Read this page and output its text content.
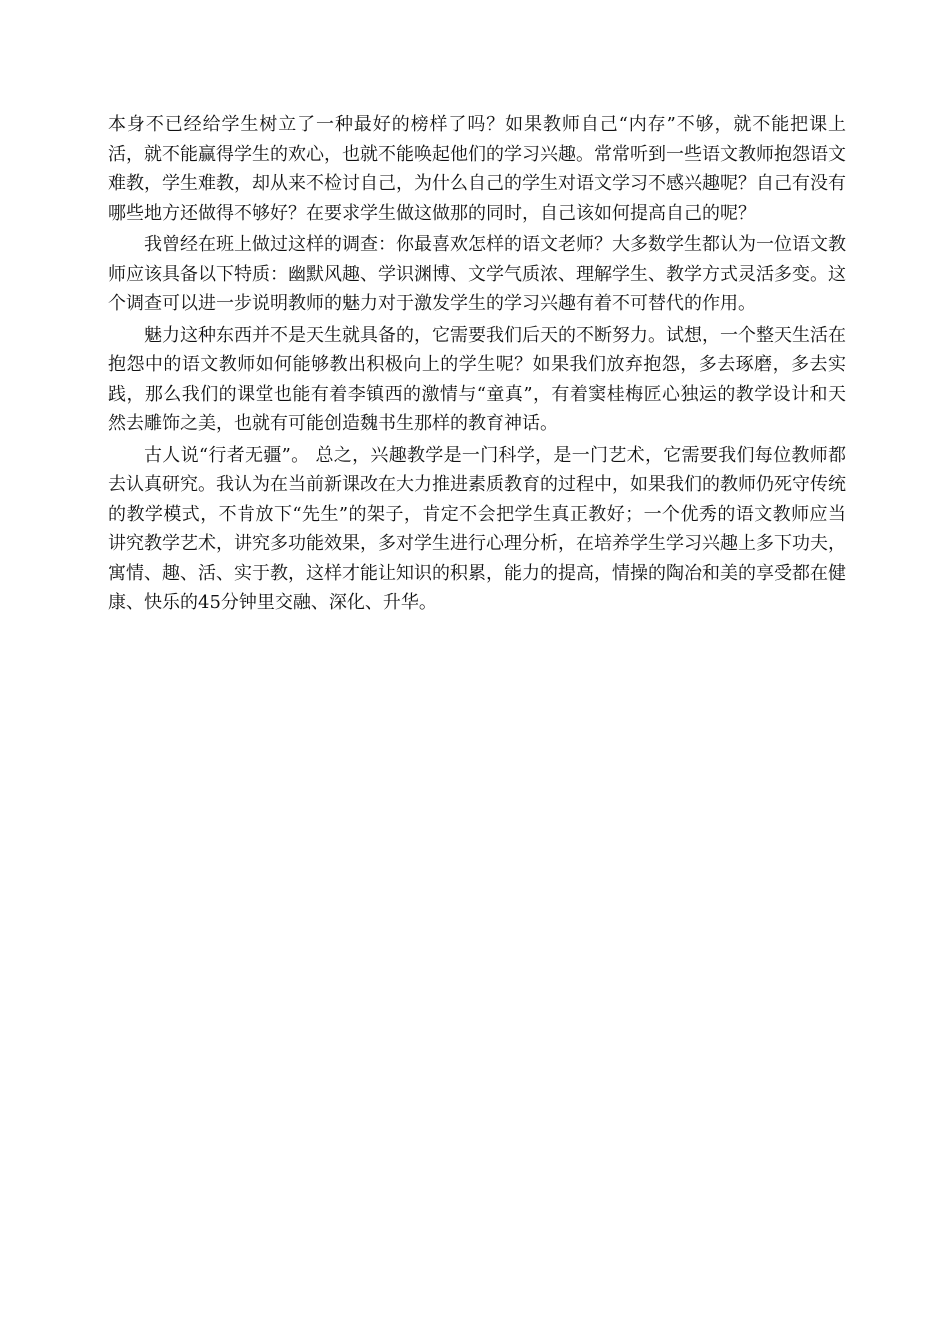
本身不已经给学生树立了一种最好的榜样了吗？如果教师自己“内存”不够，就不能把课上活，就不能赢得学生的欢心，也就不能唤起他们的学习兴趣。常常听到一些语文教师抱怨语文难教，学生难教，却从来不检讨自己，为什么自己的学生对语文学习不感兴趣呢？自己有没有哪些地方还做得不够好？在要求学生做这做那的同时，自己该如何提高自己的呢？

我曾经在班上做过这样的调查：你最喜欢怎样的语文老师？大多数学生都认为一位语文教师应该具备以下特质：幽默风趣、学识渊博、文学气质浓、理解学生、教学方式灵活多变。这个调查可以进一步说明教师的魅力对于激发学生的学习兴趣有着不可替代的作用。

魅力这种东西并不是天生就具备的，它需要我们后天的不断努力。试想，一个整天生活在抱怨中的语文教师如何能够教出积极向上的学生呢？如果我们放弃抱怨，多去琢磨，多去实践，那么我们的课堂也能有着李镇西的激情与“童真”，有着窦桂梅匠心独运的教学设计和天然去雕饰之美，也就有可能创造魏书生那样的教育神话。

古人说“行者无疆”。 总之，兴趣教学是一门科学，是一门艺术，它需要我们每位教师都去认真研究。我认为在当前新课改在大力推进素质教育的过程中，如果我们的教师仍死守传统的教学模式，不肯放下“先生”的架子，肯定不会把学生真正教好；一个优秀的语文教师应当讲究教学艺术，讲究多功能效果，多对学生进行心理分析，在培养学生学习兴趣上多下功夫，寓情、趣、活、实于教，这样才能让知识的积累，能力的提高，情操的陶冶和美的享受都在健康、快乐的45分钟里交融、深化、升华。
